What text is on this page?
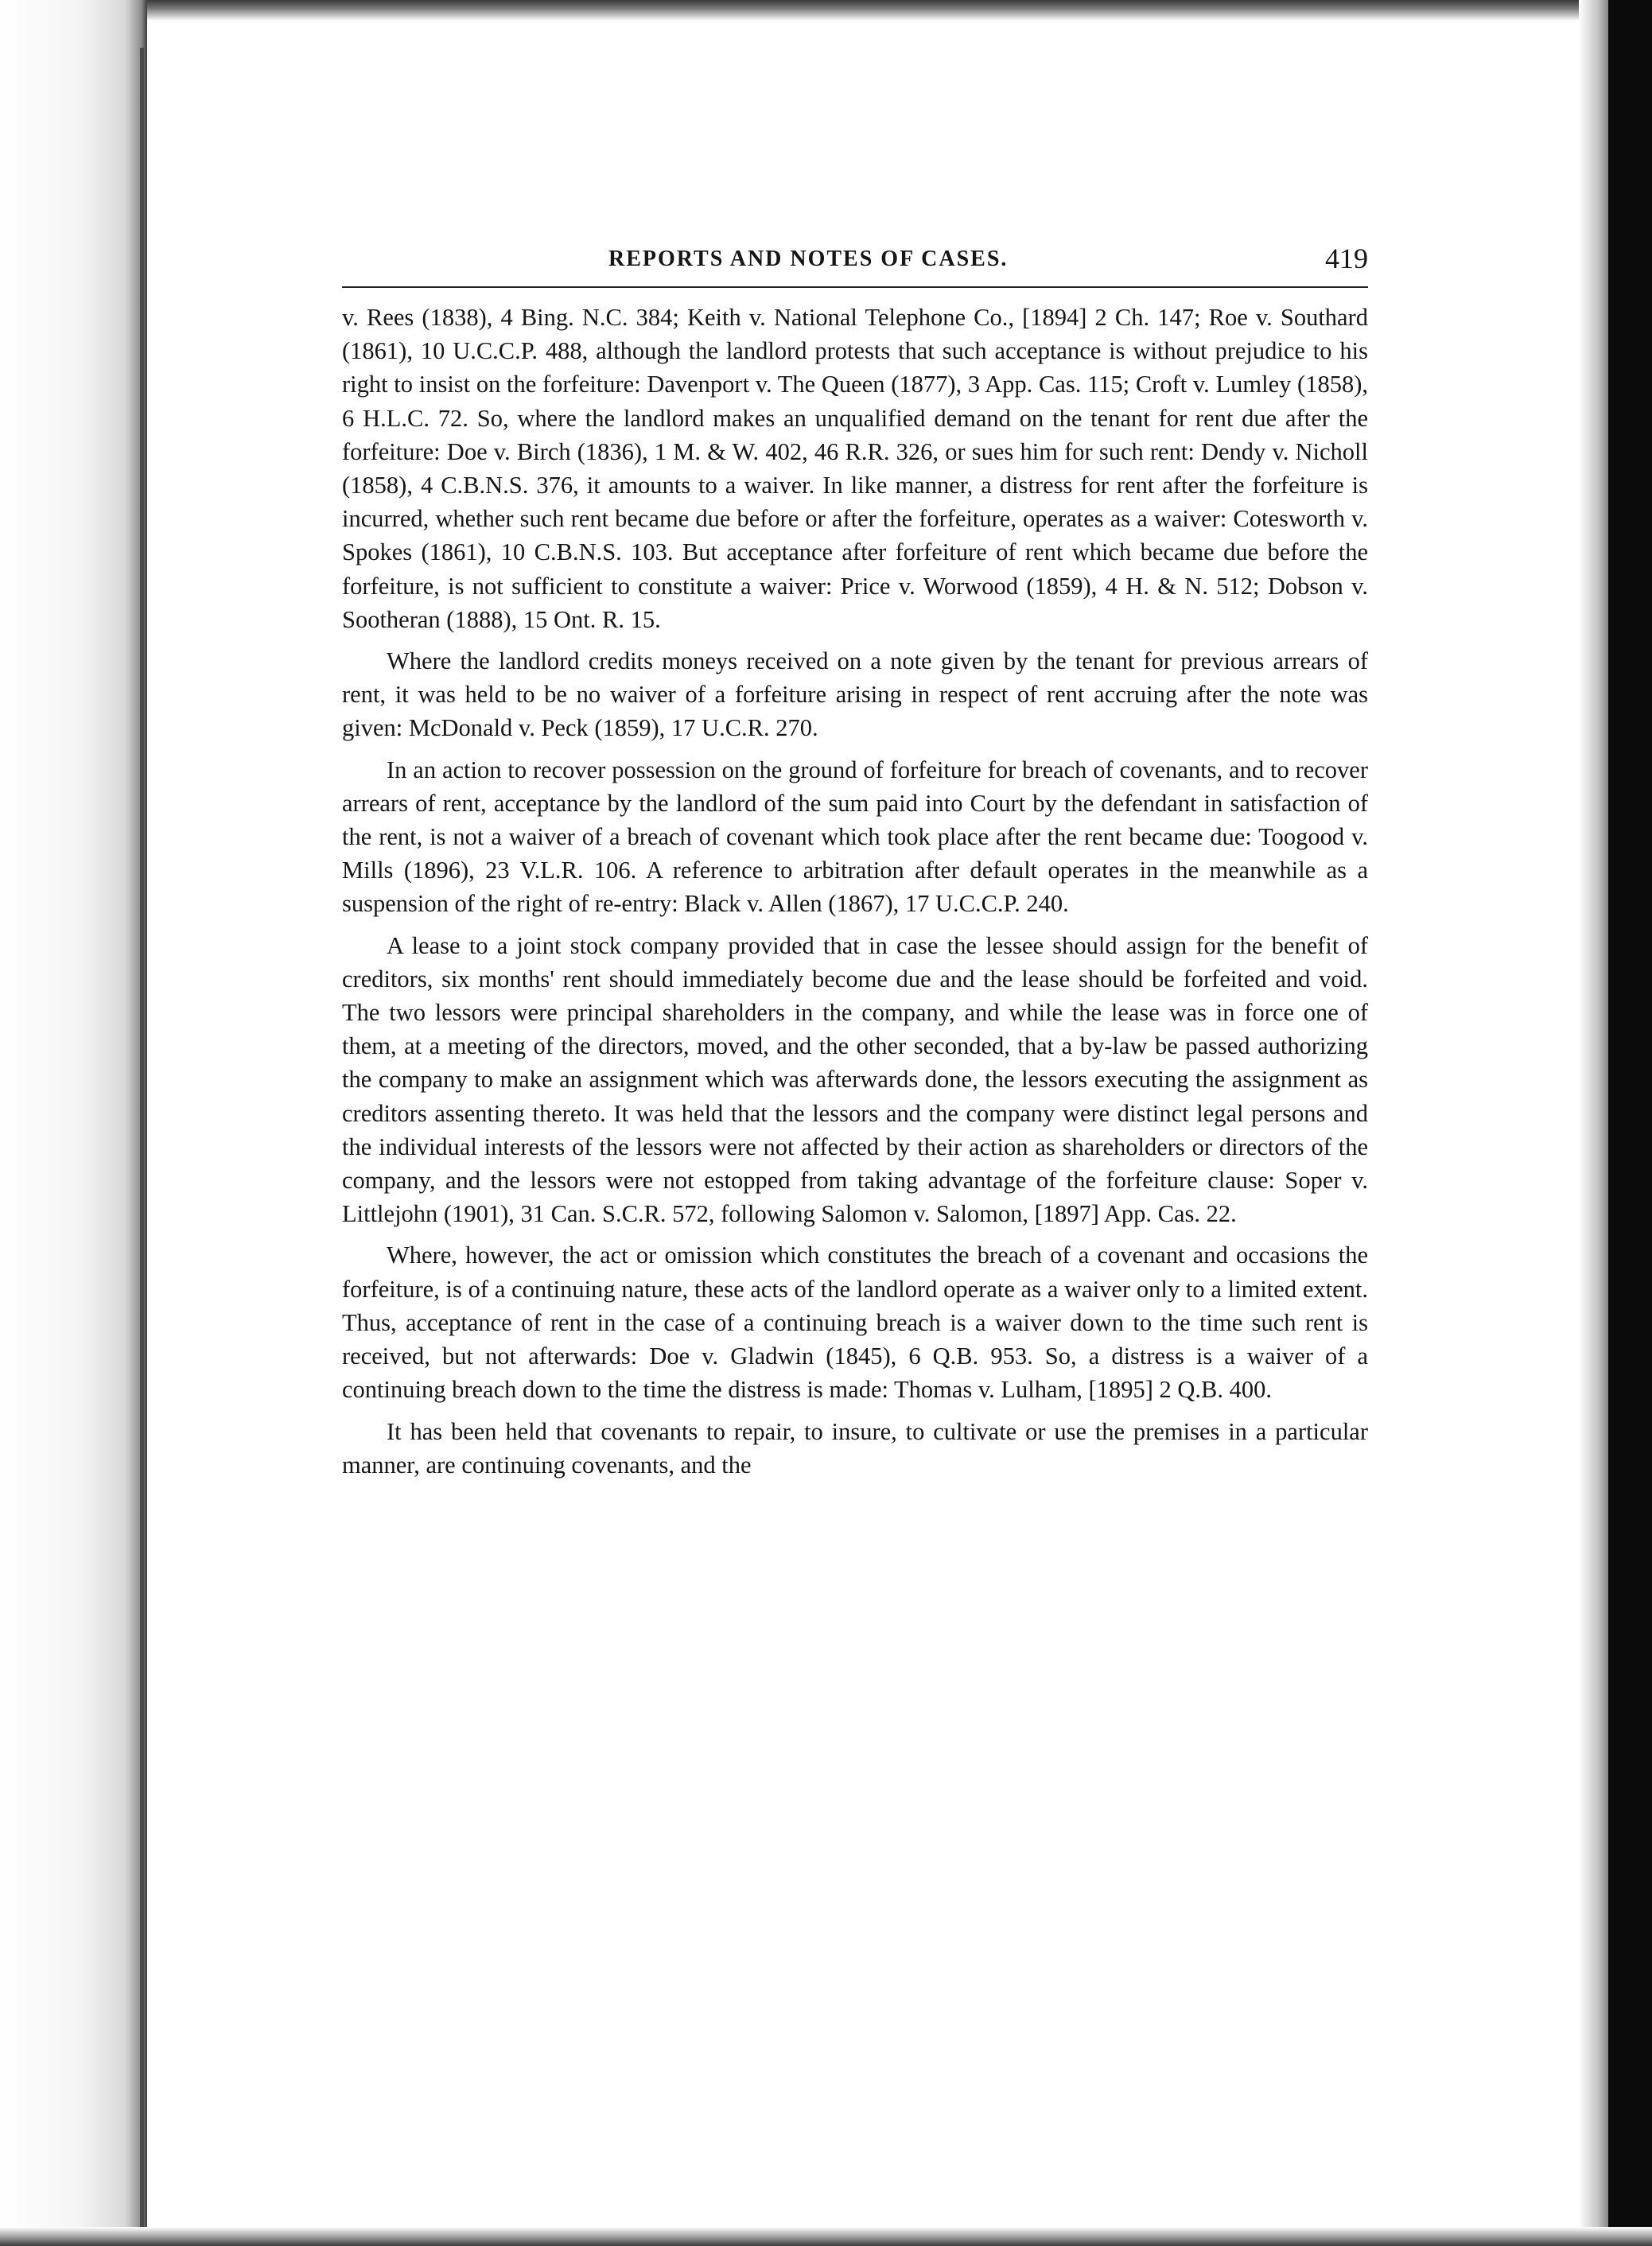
REPORTS AND NOTES OF CASES.	419

v. Rees (1838), 4 Bing. N.C. 384; Keith v. National Telephone Co., [1894] 2 Ch. 147; Roe v. Southard (1861), 10 U.C.C.P. 488, although the landlord protests that such acceptance is without prejudice to his right to insist on the forfeiture: Davenport v. The Queen (1877), 3 App. Cas. 115; Croft v. Lumley (1858), 6 H.L.C. 72. So, where the landlord makes an unqualified demand on the tenant for rent due after the forfeiture: Doe v. Birch (1836), 1 M. & W. 402, 46 R.R. 326, or sues him for such rent: Dendy v. Nicholl (1858), 4 C.B.N.S. 376, it amounts to a waiver. In like manner, a distress for rent after the forfeiture is incurred, whether such rent became due before or after the forfeiture, operates as a waiver: Cotesworth v. Spokes (1861), 10 C.B.N.S. 103. But acceptance after forfeiture of rent which became due before the forfeiture, is not sufficient to constitute a waiver: Price v. Worwood (1859), 4 H. & N. 512; Dobson v. Sootheran (1888), 15 Ont. R. 15.

Where the landlord credits moneys received on a note given by the tenant for previous arrears of rent, it was held to be no waiver of a forfeiture arising in respect of rent accruing after the note was given: McDonald v. Peck (1859), 17 U.C.R. 270.

In an action to recover possession on the ground of forfeiture for breach of covenants, and to recover arrears of rent, acceptance by the landlord of the sum paid into Court by the defendant in satisfaction of the rent, is not a waiver of a breach of covenant which took place after the rent became due: Toogood v. Mills (1896), 23 V.L.R. 106. A reference to arbitration after default operates in the meanwhile as a suspension of the right of re-entry: Black v. Allen (1867), 17 U.C.C.P. 240.

A lease to a joint stock company provided that in case the lessee should assign for the benefit of creditors, six months' rent should immediately become due and the lease should be forfeited and void. The two lessors were principal shareholders in the company, and while the lease was in force one of them, at a meeting of the directors, moved, and the other seconded, that a by-law be passed authorizing the company to make an assignment which was afterwards done, the lessors executing the assignment as creditors assenting thereto. It was held that the lessors and the company were distinct legal persons and the individual interests of the lessors were not affected by their action as shareholders or directors of the company, and the lessors were not estopped from taking advantage of the forfeiture clause: Soper v. Littlejohn (1901), 31 Can. S.C.R. 572, following Salomon v. Salomon, [1897] App. Cas. 22.

Where, however, the act or omission which constitutes the breach of a covenant and occasions the forfeiture, is of a continuing nature, these acts of the landlord operate as a waiver only to a limited extent. Thus, acceptance of rent in the case of a continuing breach is a waiver down to the time such rent is received, but not afterwards: Doe v. Gladwin (1845), 6 Q.B. 953. So, a distress is a waiver of a continuing breach down to the time the distress is made: Thomas v. Lulham, [1895] 2 Q.B. 400.

It has been held that covenants to repair, to insure, to cultivate or use the premises in a particular manner, are continuing covenants, and the
